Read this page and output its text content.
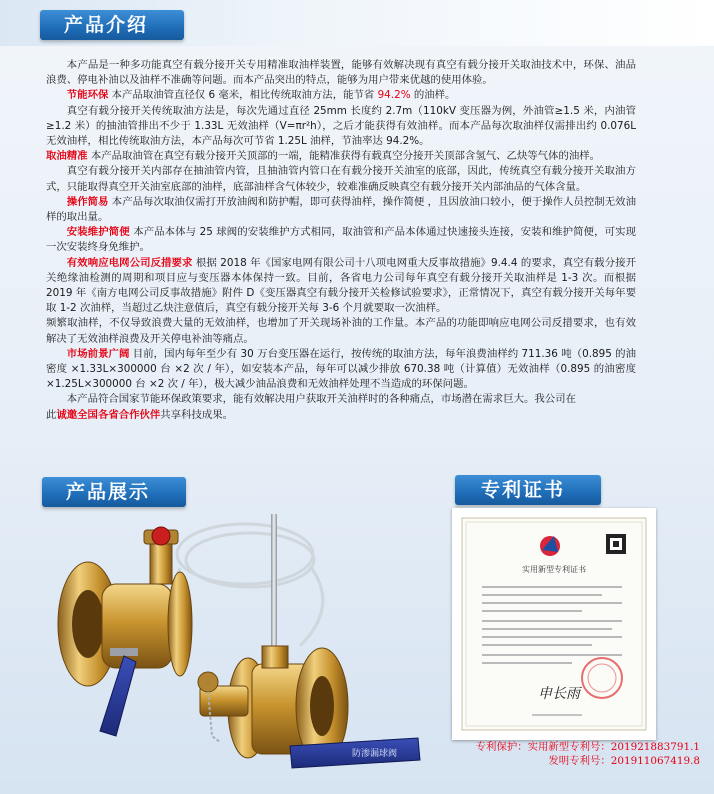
产品介绍

本产品是一种多功能真空有载分接开关专用精准取油样装置，能够有效解决现有真空有载分接开关取油技术中，环保、油品浪费、停电补油以及油样不准确等问题。而本产品突出的特点，能够为用户带来优越的使用体验。

节能环保 本产品取油管直径仅 6 毫米，相比传统取油方法，能节省 94.2% 的油样。

真空有载分接开关传统取油方法是，每次先通过直径 25mm 长度约 2.7m（110kV 变压器为例，外油管≥1.5 米，内油管≥1.2 米）的抽油管排出不少于 1.33L 无效油样（V=πr²h），之后才能获得有效油样。而本产品每次取油样仅需排出约 0.076L 无效油样，相比传统取油方法，本产品每次可节省 1.25L 油样，节油率达 94.2%。

取油精准 本产品取油管在真空有载分接开关顶部的一端，能精准获得有载真空分接开关顶部含氢气、乙炔等气体的油样。

真空有载分接开关内部存在抽油管内管，且抽油管内管口在有载分接开关油室的底部，因此，传统真空有载分接开关取油方式，只能取得真空开关油室底部的油样，底部油样含气体较少，较难准确反映真空有载分接开关内部油品的气体含量。

操作简易 本产品每次取油仅需打开放油阀和防护帽，即可获得油样，操作简便 ，且因放油口较小，便于操作人员控制无效油样的取出量。

安装维护简便 本产品本体与 25 球阀的安装维护方式相同，取油管和产品本体通过快速接头连接，安装和维护简便，可实现一次安装终身免维护。

有效响应电网公司反措要求 根据 2018 年《国家电网有限公司十八项电网重大反事故措施》9.4.4 的要求，真空有载分接开关绝缘油检测的周期和项目应与变压器本体保持一致。目前，各省电力公司每年真空有载分接开关取油样是 1-3 次。而根据 2019 年《南方电网公司反事故措施》附件 D《变压器真空有载分接开关检修试验要求》，正常情况下，真空有载分接开关每年要取 1-2 次油样，当超过乙炔注意值后，真空有载分接开关每 3-6 个月就要取一次油样。

频繁取油样，不仅导致浪费大量的无效油样，也增加了开关现场补油的工作量。本产品的功能即响应电网公司反措要求，也有效解决了无效油样浪费及开关停电补油等痛点。

市场前景广阔 目前，国内每年至少有 30 万台变压器在运行，按传统的取油方法，每年浪费油样约 711.36 吨（0.895 的油密度 ×1.33L×300000 台 ×2 次 / 年），如安装本产品，每年可以减少排放 670.38 吨（计算值）无效油样（0.895 的油密度 ×1.25L×300000 台 ×2 次 / 年），极大减少油品浪费和无效油样处理不当造成的环保问题。

本产品符合国家节能环保政策要求，能有效解决用户获取开关油样时的各种痛点，市场潜在需求巨大。我公司在

此诚邀全国各省合作伙伴共享科技成果。

产品展示	专利证书
防渗漏球阀
实用新型专利证书
申长雨
专利保护：实用新型专利号：201921883791.1
发明专利号：201911067419.8
